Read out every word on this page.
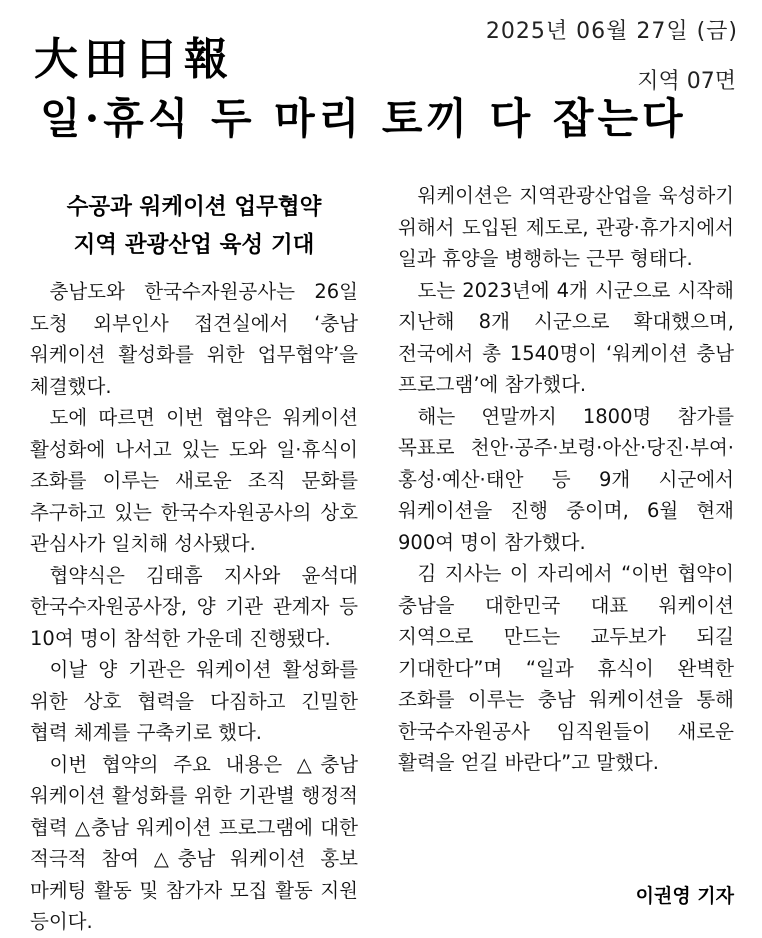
2025년 06월 27일 (금)
大田日報	지역 07면
일·휴식 두 마리 토끼 다 잡는다
수공과 워케이션 업무협약
지역 관광산업 육성 기대

충남도와 한국수자원공사는 26일 도청 외부인사 접견실에서 ‘충남 워케이션 활성화를 위한 업무협약’을 체결했다.

도에 따르면 이번 협약은 워케이션 활성화에 나서고 있는 도와 일·휴식이 조화를 이루는 새로운 조직 문화를 추구하고 있는 한국수자원공사의 상호 관심사가 일치해 성사됐다.

협약식은 김태흠 지사와 윤석대 한국수자원공사장, 양 기관 관계자 등 10여 명이 참석한 가운데 진행됐다.

이날 양 기관은 워케이션 활성화를 위한 상호 협력을 다짐하고 긴밀한 협력 체계를 구축키로 했다.

이번 협약의 주요 내용은 △충남 워케이션 활성화를 위한 기관별 행정적 협력 △충남 워케이션 프로그램에 대한 적극적 참여 △충남 워케이션 홍보 마케팅 활동 및 참가자 모집 활동 지원 등이다.

워케이션은 지역관광산업을 육성하기 위해서 도입된 제도로, 관광·휴가지에서 일과 휴양을 병행하는 근무 형태다.

도는 2023년에 4개 시군으로 시작해 지난해 8개 시군으로 확대했으며, 전국에서 총 1540명이 ‘워케이션 충남 프로그램’에 참가했다.

해는 연말까지 1800명 참가를 목표로 천안·공주·보령·아산·당진·부여·홍성·예산·태안 등 9개 시군에서 워케이션을 진행 중이며, 6월 현재 900여 명이 참가했다.

김 지사는 이 자리에서 “이번 협약이 충남을 대한민국 대표 워케이션 지역으로 만드는 교두보가 되길 기대한다”며 “일과 휴식이 완벽한 조화를 이루는 충남 워케이션을 통해 한국수자원공사 임직원들이 새로운 활력을 얻길 바란다”고 말했다.

이권영 기자
